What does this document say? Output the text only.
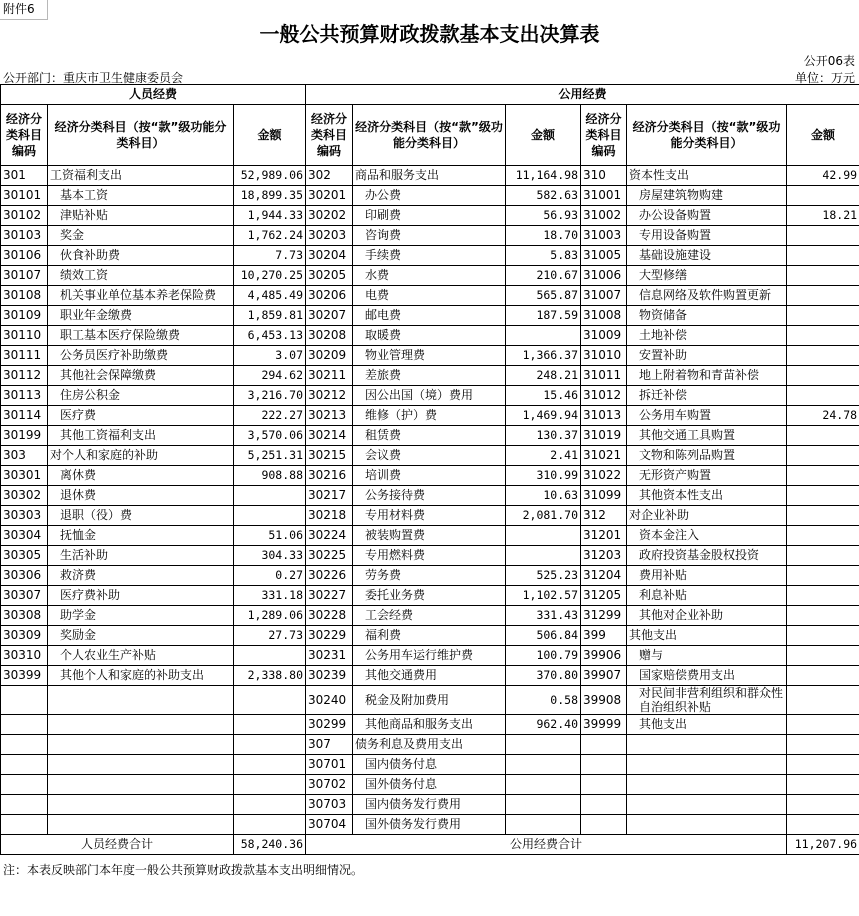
附件6
一般公共预算财政拨款基本支出决算表
公开06表
公开部门：重庆市卫生健康委员会	单位：万元
人员经费			公用经费					
经济分类科目编码	经济分类科目（按“款”级功能分类科目）	金额	经济分类科目编码	经济分类科目（按“款”级功能分类科目）	金额	经济分类科目编码	经济分类科目（按“款”级功能分类科目）	金额
301	工资福利支出	52,989.06	302	商品和服务支出	11,164.98	310	资本性支出	42.99
30101	基本工资	18,899.35	30201	办公费	582.63	31001	房屋建筑物购建	
30102	津贴补贴	1,944.33	30202	印刷费	56.93	31002	办公设备购置	18.21
30103	奖金	1,762.24	30203	咨询费	18.70	31003	专用设备购置	
30106	伙食补助费	7.73	30204	手续费	5.83	31005	基础设施建设	
30107	绩效工资	10,270.25	30205	水费	210.67	31006	大型修缮	
30108	机关事业单位基本养老保险费	4,485.49	30206	电费	565.87	31007	信息网络及软件购置更新	
30109	职业年金缴费	1,859.81	30207	邮电费	187.59	31008	物资储备	
30110	职工基本医疗保险缴费	6,453.13	30208	取暖费		31009	土地补偿	
30111	公务员医疗补助缴费	3.07	30209	物业管理费	1,366.37	31010	安置补助	
30112	其他社会保障缴费	294.62	30211	差旅费	248.21	31011	地上附着物和青苗补偿	
30113	住房公积金	3,216.70	30212	因公出国（境）费用	15.46	31012	拆迁补偿	
30114	医疗费	222.27	30213	维修（护）费	1,469.94	31013	公务用车购置	24.78
30199	其他工资福利支出	3,570.06	30214	租赁费	130.37	31019	其他交通工具购置	
303	对个人和家庭的补助	5,251.31	30215	会议费	2.41	31021	文物和陈列品购置	
30301	离休费	908.88	30216	培训费	310.99	31022	无形资产购置	
30302	退休费		30217	公务接待费	10.63	31099	其他资本性支出	
30303	退职（役）费		30218	专用材料费	2,081.70	312	对企业补助	
30304	抚恤金	51.06	30224	被装购置费		31201	资本金注入	
30305	生活补助	304.33	30225	专用燃料费		31203	政府投资基金股权投资	
30306	救济费	0.27	30226	劳务费	525.23	31204	费用补贴	
30307	医疗费补助	331.18	30227	委托业务费	1,102.57	31205	利息补贴	
30308	助学金	1,289.06	30228	工会经费	331.43	31299	其他对企业补助	
30309	奖励金	27.73	30229	福利费	506.84	399	其他支出	
30310	个人农业生产补贴		30231	公务用车运行维护费	100.79	39906	赠与	
30399	其他个人和家庭的补助支出	2,338.80	30239	其他交通费用	370.80	39907	国家赔偿费用支出	
			30240	税金及附加费用	0.58	39908	对民间非营利组织和群众性自治组织补贴	
			30299	其他商品和服务支出	962.40	39999	其他支出	
			307	债务利息及费用支出				
			30701	国内债务付息				
			30702	国外债务付息				
			30703	国内债务发行费用				
			30704	国外债务发行费用				
人员经费合计		58,240.36	公用经费合计					11,207.96
注：本表反映部门本年度一般公共预算财政拨款基本支出明细情况。
